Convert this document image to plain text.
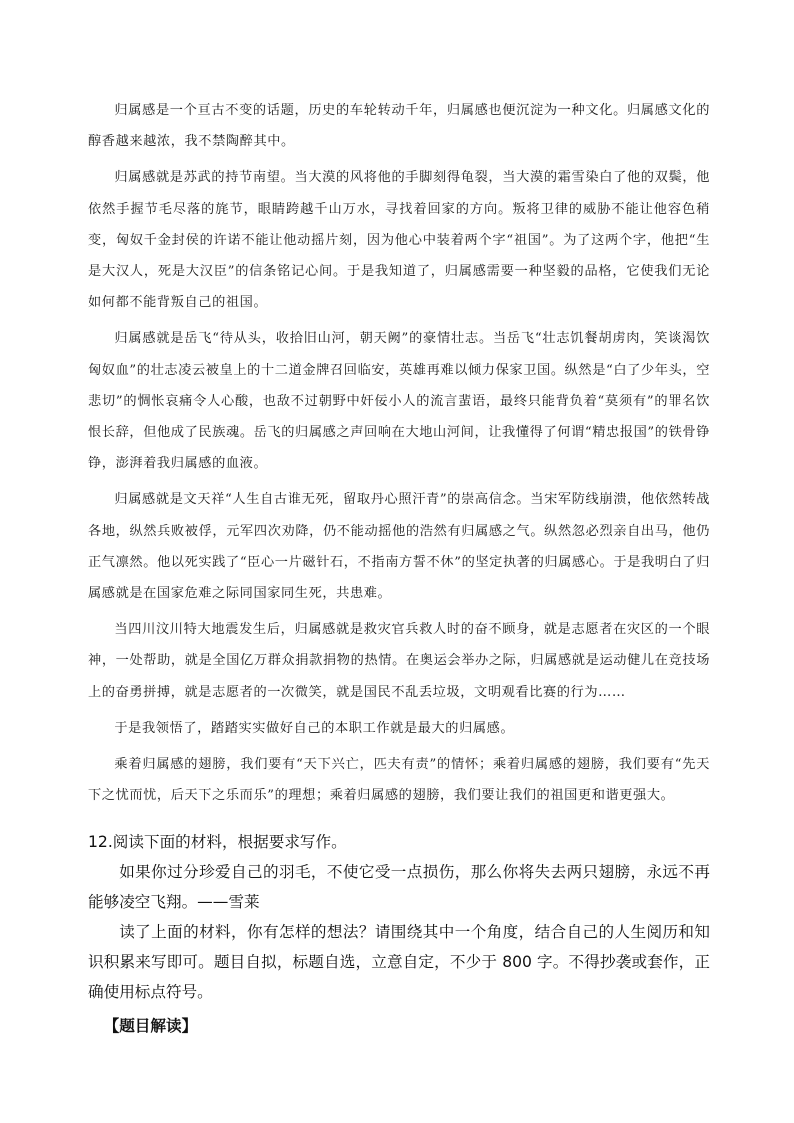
归属感是一个亘古不变的话题，历史的车轮转动千年，归属感也便沉淀为一种文化。归属感文化的醇香越来越浓，我不禁陶醉其中。

归属感就是苏武的持节南望。当大漠的风将他的手脚刻得龟裂，当大漠的霜雪染白了他的双鬓，他依然手握节毛尽落的旄节，眼睛跨越千山万水，寻找着回家的方向。叛将卫律的威胁不能让他容色稍变，匈奴千金封侯的许诺不能让他动摇片刻，因为他心中装着两个字“祖国”。为了这两个字，他把“生是大汉人，死是大汉臣”的信条铭记心间。于是我知道了，归属感需要一种坚毅的品格，它使我们无论如何都不能背叛自己的祖国。

归属感就是岳飞“待从头，收拾旧山河，朝天阙”的豪情壮志。当岳飞“壮志饥餐胡虏肉，笑谈渴饮匈奴血”的壮志凌云被皇上的十二道金牌召回临安，英雄再难以倾力保家卫国。纵然是“白了少年头，空悲切”的惆怅哀痛令人心酸，也敌不过朝野中奸佞小人的流言蜚语，最终只能背负着“莫须有”的罪名饮恨长辞，但他成了民族魂。岳飞的归属感之声回响在大地山河间，让我懂得了何谓“精忠报国”的铁骨铮铮，澎湃着我归属感的血液。

归属感就是文天祥“人生自古谁无死，留取丹心照汗青”的崇高信念。当宋军防线崩溃，他依然转战各地，纵然兵败被俘，元军四次劝降，仍不能动摇他的浩然有归属感之气。纵然忽必烈亲自出马，他仍正气凛然。他以死实践了“臣心一片磁针石，不指南方誓不休”的坚定执著的归属感心。于是我明白了归属感就是在国家危难之际同国家同生死，共患难。

当四川汶川特大地震发生后，归属感就是救灾官兵救人时的奋不顾身，就是志愿者在灾区的一个眼神，一处帮助，就是全国亿万群众捐款捐物的热情。在奥运会举办之际，归属感就是运动健儿在竞技场上的奋勇拼搏，就是志愿者的一次微笑，就是国民不乱丢垃圾，文明观看比赛的行为……

于是我领悟了，踏踏实实做好自己的本职工作就是最大的归属感。

乘着归属感的翅膀，我们要有“天下兴亡，匹夫有责”的情怀；乘着归属感的翅膀，我们要有“先天下之忧而忧，后天下之乐而乐”的理想；乘着归属感的翅膀，我们要让我们的祖国更和谐更强大。

12.阅读下面的材料，根据要求写作。

如果你过分珍爱自己的羽毛，不使它受一点损伤，那么你将失去两只翅膀，永远不再能够凌空飞翔。——雪莱

读了上面的材料，你有怎样的想法？请围绕其中一个角度，结合自己的人生阅历和知识积累来写即可。题目自拟，标题自选，立意自定，不少于 800 字。不得抄袭或套作，正确使用标点符号。

【题目解读】
